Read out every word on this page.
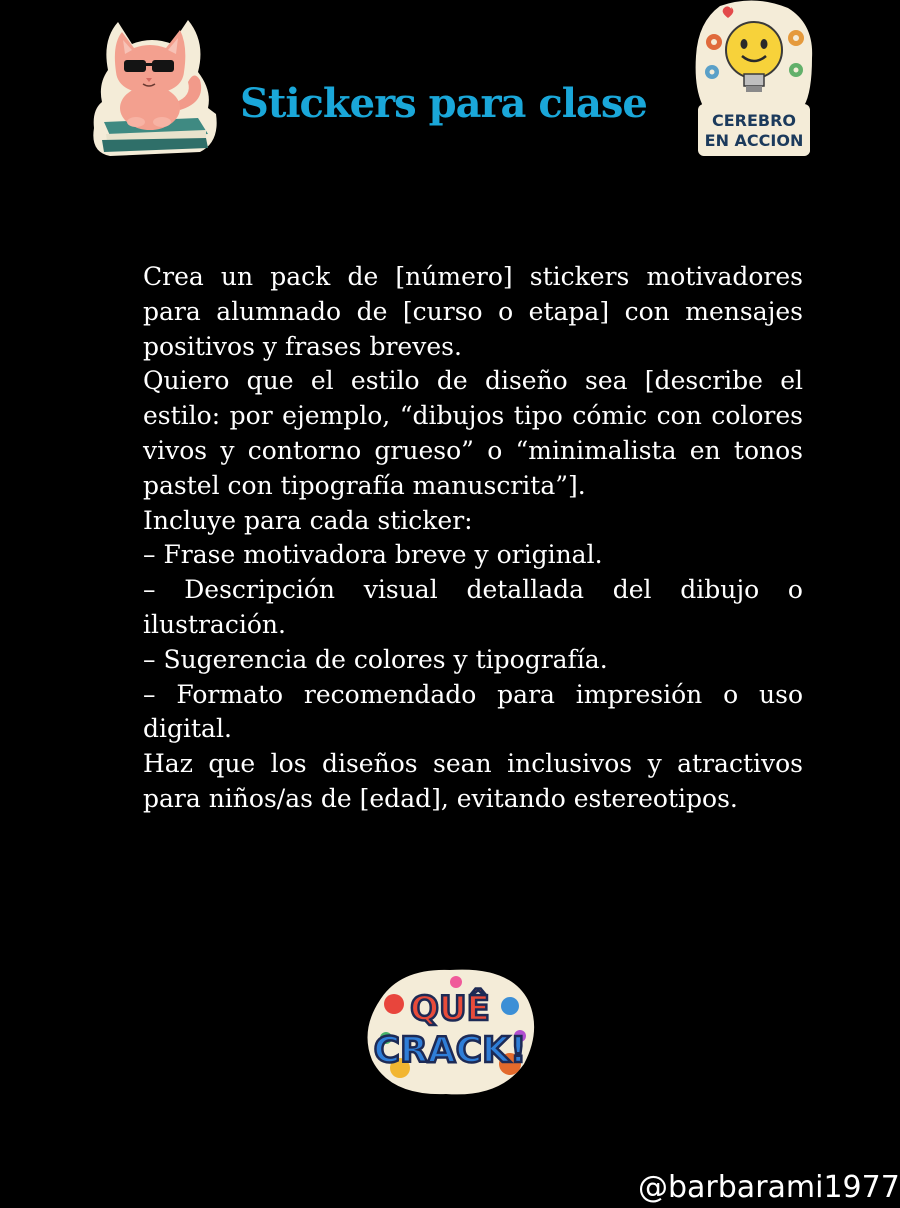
Stickers para clase	CEREBRO
EN ACCION

Crea un pack de [número] stickers motivadores para alumnado de [curso o etapa] con mensajes positivos y frases breves.

Quiero que el estilo de diseño sea [describe el estilo: por ejemplo, “dibujos tipo cómic con colores vivos y contorno grueso” o “minimalista en tonos pastel con tipografía manuscrita”].

Incluye para cada sticker:

– Frase motivadora breve y original.

– Descripción visual detallada del dibujo o ilustración.

– Sugerencia de colores y tipografía.

– Formato recomendado para impresión o uso digital.

Haz que los diseños sean inclusivos y atractivos para niños/as de [edad], evitando estereotipos.

QUÊ
CRACK!
@barbarami1977
